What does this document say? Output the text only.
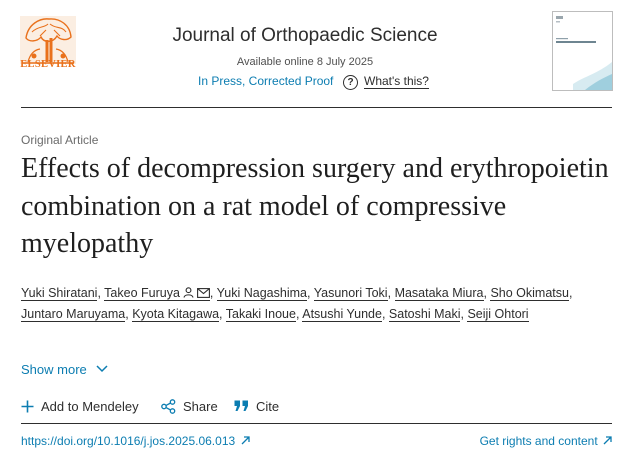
ELSEVIER
Journal of Orthopaedic Science
Available online 8 July 2025
In Press, Corrected Proof	? What's this?
Original Article
Effects of decompression surgery and erythropoietin combination on a rat model of compressive myelopathy
Yuki Shiratani, Takeo Furuya , Yuki Nagashima, Yasunori Toki, Masataka Miura, Sho Okimatsu, Juntaro Maruyama, Kyota Kitagawa, Takaki Inoue, Atsushi Yunde, Satoshi Maki, Seiji Ohtori
Show more
Add to Mendeley	Share	Cite
https://doi.org/10.1016/j.jos.2025.06.013	Get rights and content
